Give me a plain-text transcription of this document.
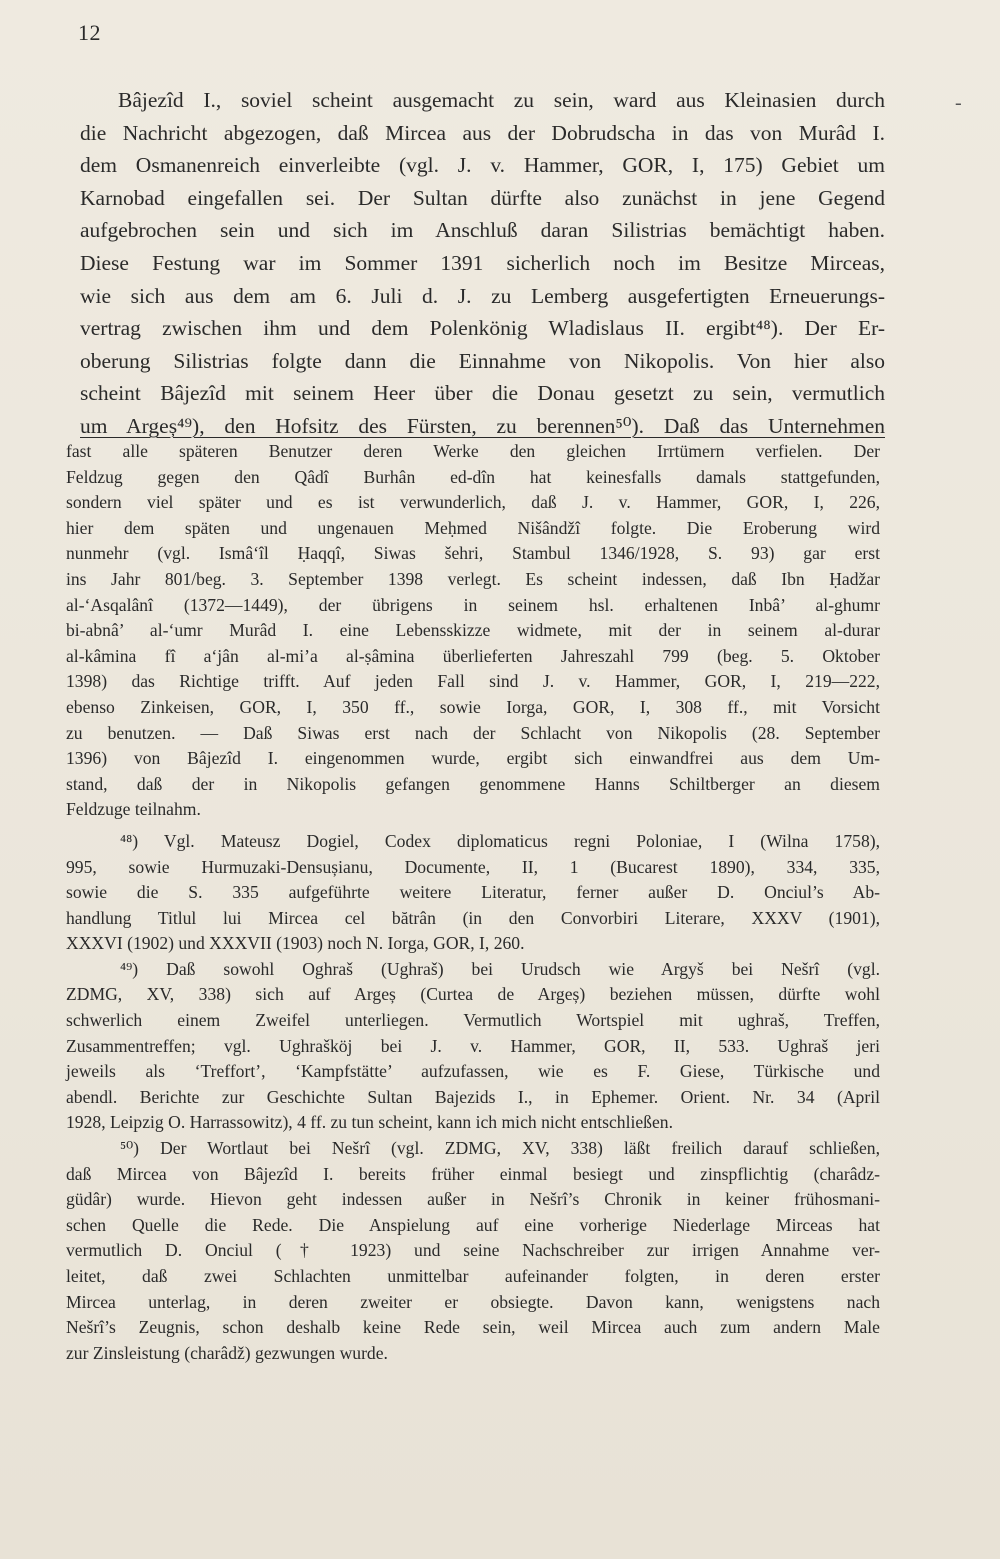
12
-
Bâjezîd I., soviel scheint ausgemacht zu sein, ward aus Kleinasien durch
die Nachricht abgezogen, daß Mircea aus der Dobrudscha in das von Murâd I.
dem Osmanenreich einverleibte (vgl. J. v. Hammer, GOR, I, 175) Gebiet um
Karnobad eingefallen sei. Der Sultan dürfte also zunächst in jene Gegend
aufgebrochen sein und sich im Anschluß daran Silistrias bemächtigt haben.
Diese Festung war im Sommer 1391 sicherlich noch im Besitze Mirceas,
wie sich aus dem am 6. Juli d. J. zu Lemberg ausgefertigten Erneuerungs-
vertrag zwischen ihm und dem Polenkönig Wladislaus II. ergibt⁴⁸). Der Er-
oberung Silistrias folgte dann die Einnahme von Nikopolis. Von hier also
scheint Bâjezîd mit seinem Heer über die Donau gesetzt zu sein, vermutlich
um Argeș⁴⁹), den Hofsitz des Fürsten, zu berennen⁵⁰). Daß das Unternehmen
fast alle späteren Benutzer deren Werke den gleichen Irrtümern verfielen. Der
Feldzug gegen den Qâdî Burhân ed-dîn hat keinesfalls damals stattgefunden,
sondern viel später und es ist verwunderlich, daß J. v. Hammer, GOR, I, 226,
hier dem späten und ungenauen Meḥmed Nišândžî folgte. Die Eroberung wird
nunmehr (vgl. Ismâ‘îl Ḥaqqî, Siwas šehri, Stambul 1346/1928, S. 93) gar erst
ins Jahr 801/beg. 3. September 1398 verlegt. Es scheint indessen, daß Ibn Ḥadžar
al-‘Asqalânî (1372—1449), der übrigens in seinem hsl. erhaltenen Inbâ’ al-ghumr
bi-abnâ’ al-‘umr Murâd I. eine Lebensskizze widmete, mit der in seinem al-durar
al-kâmina fî a‘jân al-mi’a al-ṣâmina überlieferten Jahreszahl 799 (beg. 5. Oktober
1398) das Richtige trifft. Auf jeden Fall sind J. v. Hammer, GOR, I, 219—222,
ebenso Zinkeisen, GOR, I, 350 ff., sowie Iorga, GOR, I, 308 ff., mit Vorsicht
zu benutzen. — Daß Siwas erst nach der Schlacht von Nikopolis (28. September
1396) von Bâjezîd I. eingenommen wurde, ergibt sich einwandfrei aus dem Um-
stand, daß der in Nikopolis gefangen genommene Hanns Schiltberger an diesem
Feldzuge teilnahm.
⁴⁸) Vgl. Mateusz Dogiel, Codex diplomaticus regni Poloniae, I (Wilna 1758),
995, sowie Hurmuzaki-Densușianu, Documente, II, 1 (Bucarest 1890), 334, 335,
sowie die S. 335 aufgeführte weitere Literatur, ferner außer D. Onciul’s Ab-
handlung Titlul lui Mircea cel bătrân (in den Convorbiri Literare, XXXV (1901),
XXXVI (1902) und XXXVII (1903) noch N. Iorga, GOR, I, 260.
⁴⁹) Daß sowohl Oghraš (Ughraš) bei Urudsch wie Argyš bei Nešrî (vgl.
ZDMG, XV, 338) sich auf Argeș (Curtea de Argeș) beziehen müssen, dürfte wohl
schwerlich einem Zweifel unterliegen. Vermutlich Wortspiel mit ughraš, Treffen,
Zusammentreffen; vgl. Ughrašköj bei J. v. Hammer, GOR, II, 533. Ughraš jeri
jeweils als ‘Treffort’, ‘Kampfstätte’ aufzufassen, wie es F. Giese, Türkische und
abendl. Berichte zur Geschichte Sultan Bajezids I., in Ephemer. Orient. Nr. 34 (April
1928, Leipzig O. Harrassowitz), 4 ff. zu tun scheint, kann ich mich nicht entschließen.
⁵⁰) Der Wortlaut bei Nešrî (vgl. ZDMG, XV, 338) läßt freilich darauf schließen,
daß Mircea von Bâjezîd I. bereits früher einmal besiegt und zinspflichtig (charâdz-
güdâr) wurde. Hievon geht indessen außer in Nešrî’s Chronik in keiner frühosmani-
schen Quelle die Rede. Die Anspielung auf eine vorherige Niederlage Mirceas hat
vermutlich D. Onciul († 1923) und seine Nachschreiber zur irrigen Annahme ver-
leitet, daß zwei Schlachten unmittelbar aufeinander folgten, in deren erster
Mircea unterlag, in deren zweiter er obsiegte. Davon kann, wenigstens nach
Nešrî’s Zeugnis, schon deshalb keine Rede sein, weil Mircea auch zum andern Male
zur Zinsleistung (charâdž) gezwungen wurde.
